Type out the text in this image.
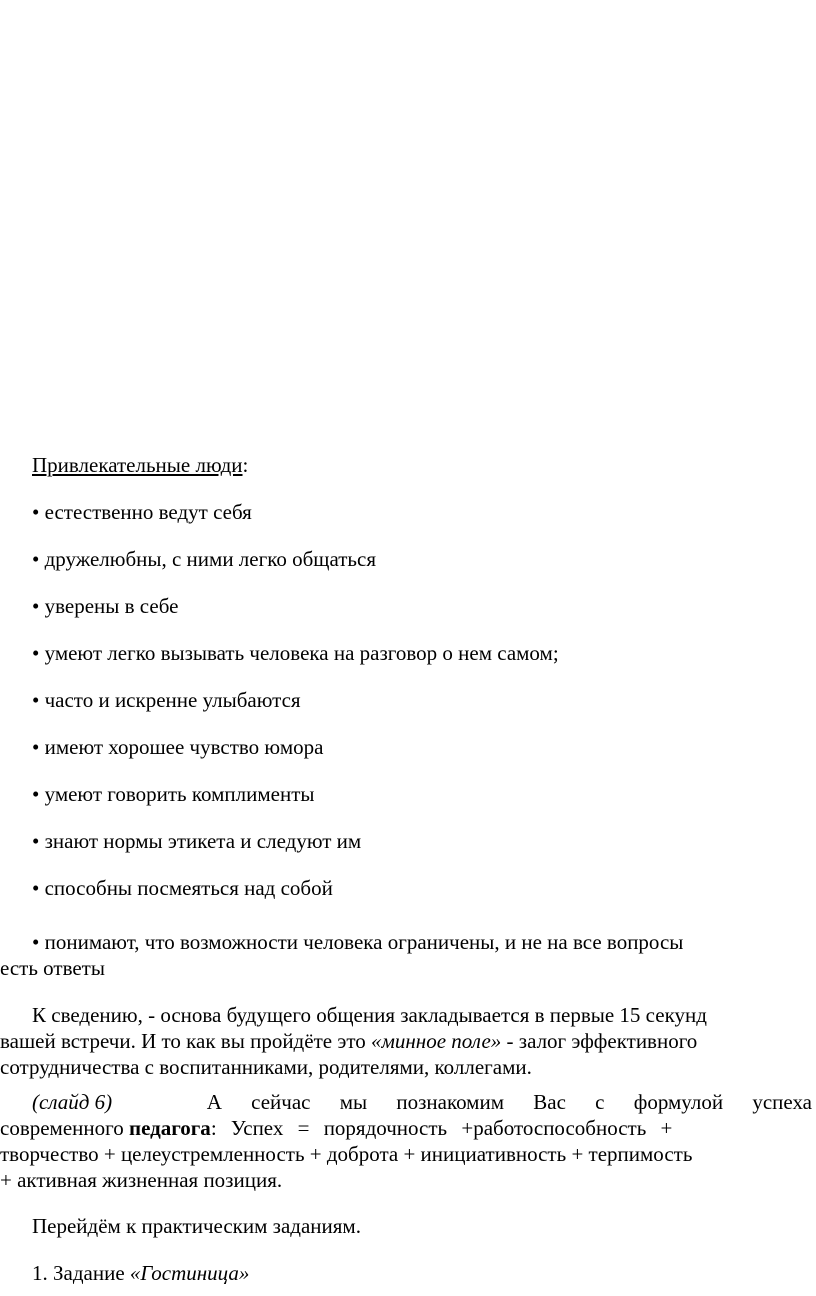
Привлекательные люди:
• естественно ведут себя
• дружелюбны, с ними легко общаться
• уверены в себе
• умеют легко вызывать человека на разговор о нем самом;
• часто и искренне улыбаются
• имеют хорошее чувство юмора
• умеют говорить комплименты
• знают нормы этикета и следуют им
• способны посмеяться над собой
• понимают, что возможности человека ограничены, и не на все вопросы
есть ответы
К сведению, - основа будущего общения закладывается в первые 15 секунд
вашей встречи. И то как вы пройдёте это «минное поле» - залог эффективного
сотрудничества с воспитанниками, родителями, коллегами.
(слайд 6)	А сейчас мы познакомим Вас с формулой успеха
современного педагога : Успех = порядочность +работоспособность +
творчество + целеустремленность + доброта + инициативность + терпимость
+ активная жизненная позиция.
Перейдём к практическим заданиям.
1. Задание «Гостиница»
